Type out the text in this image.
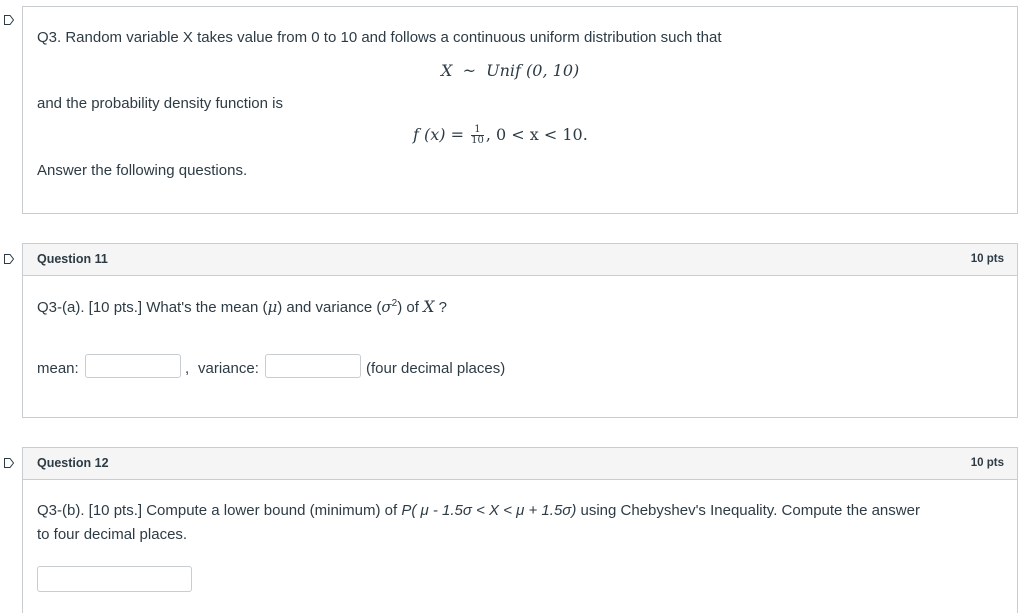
Q3. Random variable X takes value from 0 to 10 and follows a continuous uniform distribution such that
X ~ Unif (0, 10)
and the probability density function is
f $(x) = \frac{1}{10}$ , 0 < x < 10.
Answer the following questions.
Question 11	10 pts
Q3-(a). [10 pts.] What's the mean (μ) and variance $(\sigma^2)$ of X ?
mean:	, variance:	(four decimal places)
Question 12	10 pts
Q3-(b). [10 pts.] Compute a lower bound (minimum) of P( μ - 1.5σ < X < μ + 1.5σ) using Chebyshev's Inequality. Compute the answer
to four decimal places.
